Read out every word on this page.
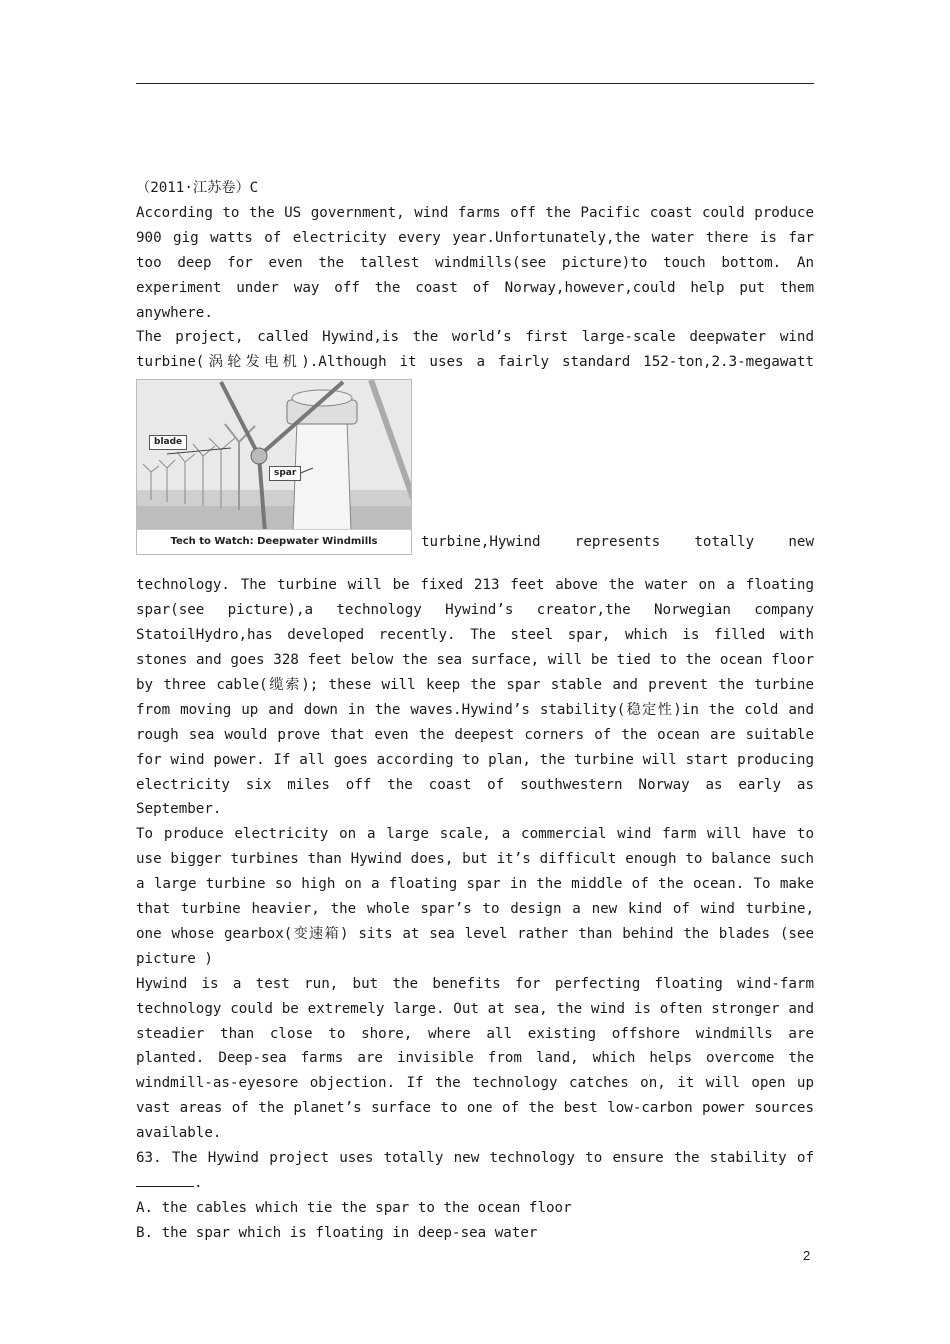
（2011·江苏卷）C

According to the US government, wind farms off the Pacific coast could produce 900 gig watts of electricity every year.Unfortunately,the water there is far too deep for even the tallest windmills(see picture)to touch bottom. An experiment under way off the coast of Norway,however,could help put them anywhere.

The project, called Hywind,is the world’s first large-scale deepwater wind turbine(涡轮发电机).Although it uses a fairly standard 152-ton,2.3-megawatt

blade
spar
Tech to Watch: Deepwater Windmills	turbine,Hywind represents totally new

technology. The turbine will be fixed 213 feet above the water on a floating spar(see picture),a technology Hywind’s creator,the Norwegian company StatoilHydro,has developed recently. The steel spar, which is filled with stones and goes 328 feet below the sea surface, will be tied to the ocean floor by three cable(缆索); these will keep the spar stable and prevent the turbine from moving up and down in the waves.Hywind’s stability(稳定性)in the cold and rough sea would prove that even the deepest corners of the ocean are suitable for wind power. If all goes according to plan, the turbine will start producing electricity six miles off the coast of southwestern Norway as early as September.

To produce electricity on a large scale, a commercial wind farm will have to use bigger turbines than Hywind does, but it’s difficult enough to balance such a large turbine so high on a floating spar in the middle of the ocean. To make that turbine heavier, the whole spar’s to design a new kind of wind turbine, one whose gearbox(变速箱) sits at sea level rather than behind the blades (see picture )

Hywind is a test run, but the benefits for perfecting floating wind-farm technology could be extremely large. Out at sea, the wind is often stronger and steadier than close to shore, where all existing offshore windmills are planted. Deep-sea farms are invisible from land, which helps overcome the windmill-as-eyesore objection. If the technology catches on, it will open up vast areas of the planet’s surface to one of the best low-carbon power sources available.

63. The Hywind project uses totally new technology to ensure the stability of

.

A. the cables which tie the spar to the ocean floor

B. the spar which is floating in deep-sea water

2
